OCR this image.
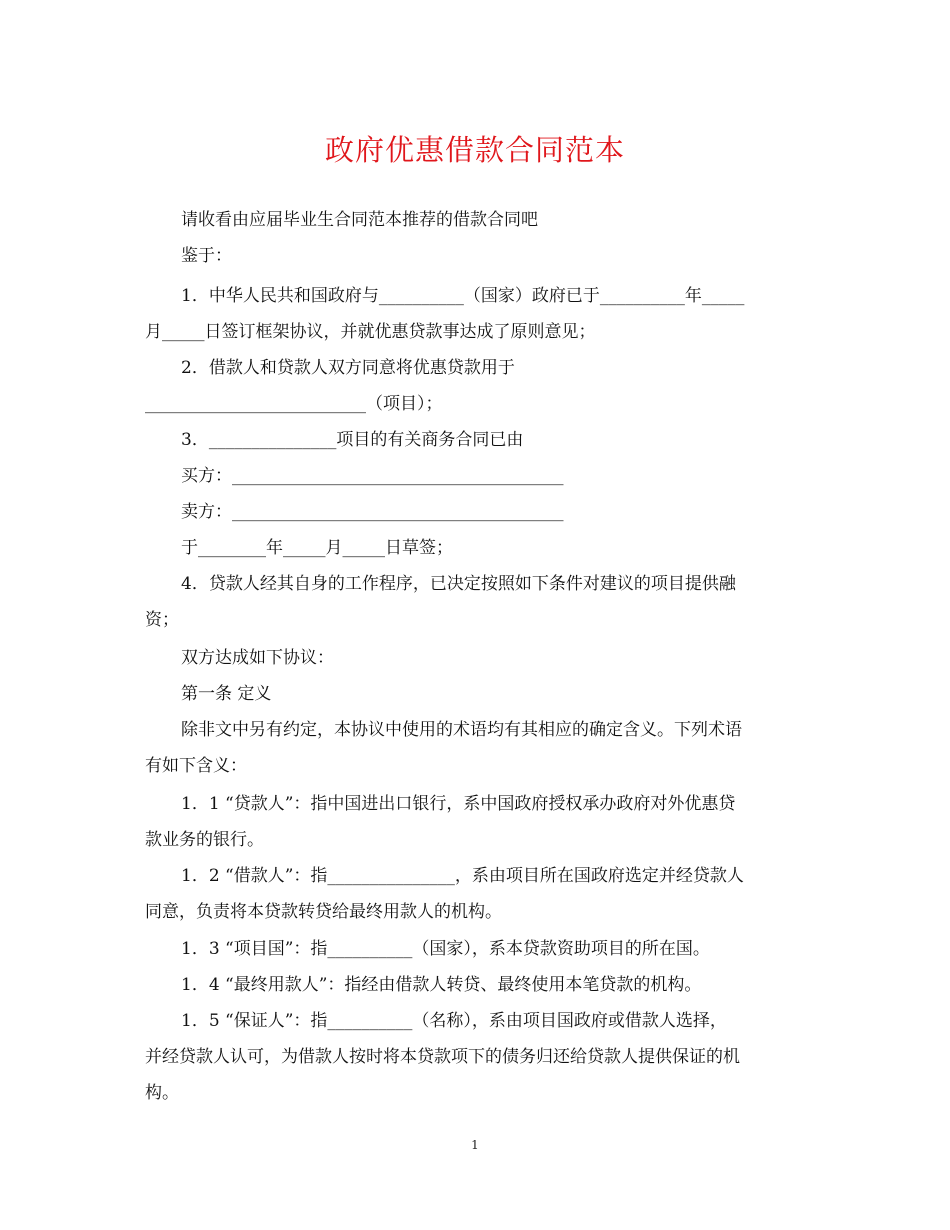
政府优惠借款合同范本
请收看由应届毕业生合同范本推荐的借款合同吧
鉴于：
1．中华人民共和国政府与__________（国家）政府已于__________年_____
月_____日签订框架协议，并就优惠贷款事达成了原则意见；
2．借款人和贷款人双方同意将优惠贷款用于
__________________________（项目）；
3．_______________项目的有关商务合同已由
买方：_______________________________________
卖方：_______________________________________
于________年_____月_____日草签；
4．贷款人经其自身的工作程序，已决定按照如下条件对建议的项目提供融
资；
双方达成如下协议：
第一条 定义
除非文中另有约定，本协议中使用的术语均有其相应的确定含义。下列术语
有如下含义：
1．1 “贷款人”：指中国进出口银行，系中国政府授权承办政府对外优惠贷
款业务的银行。
1．2 “借款人”：指_______________，系由项目所在国政府选定并经贷款人
同意，负责将本贷款转贷给最终用款人的机构。
1．3 “项目国”：指__________（国家），系本贷款资助项目的所在国。
1．4 “最终用款人”：指经由借款人转贷、最终使用本笔贷款的机构。
1．5 “保证人”：指__________（名称），系由项目国政府或借款人选择，
并经贷款人认可，为借款人按时将本贷款项下的债务归还给贷款人提供保证的机
构。
1
